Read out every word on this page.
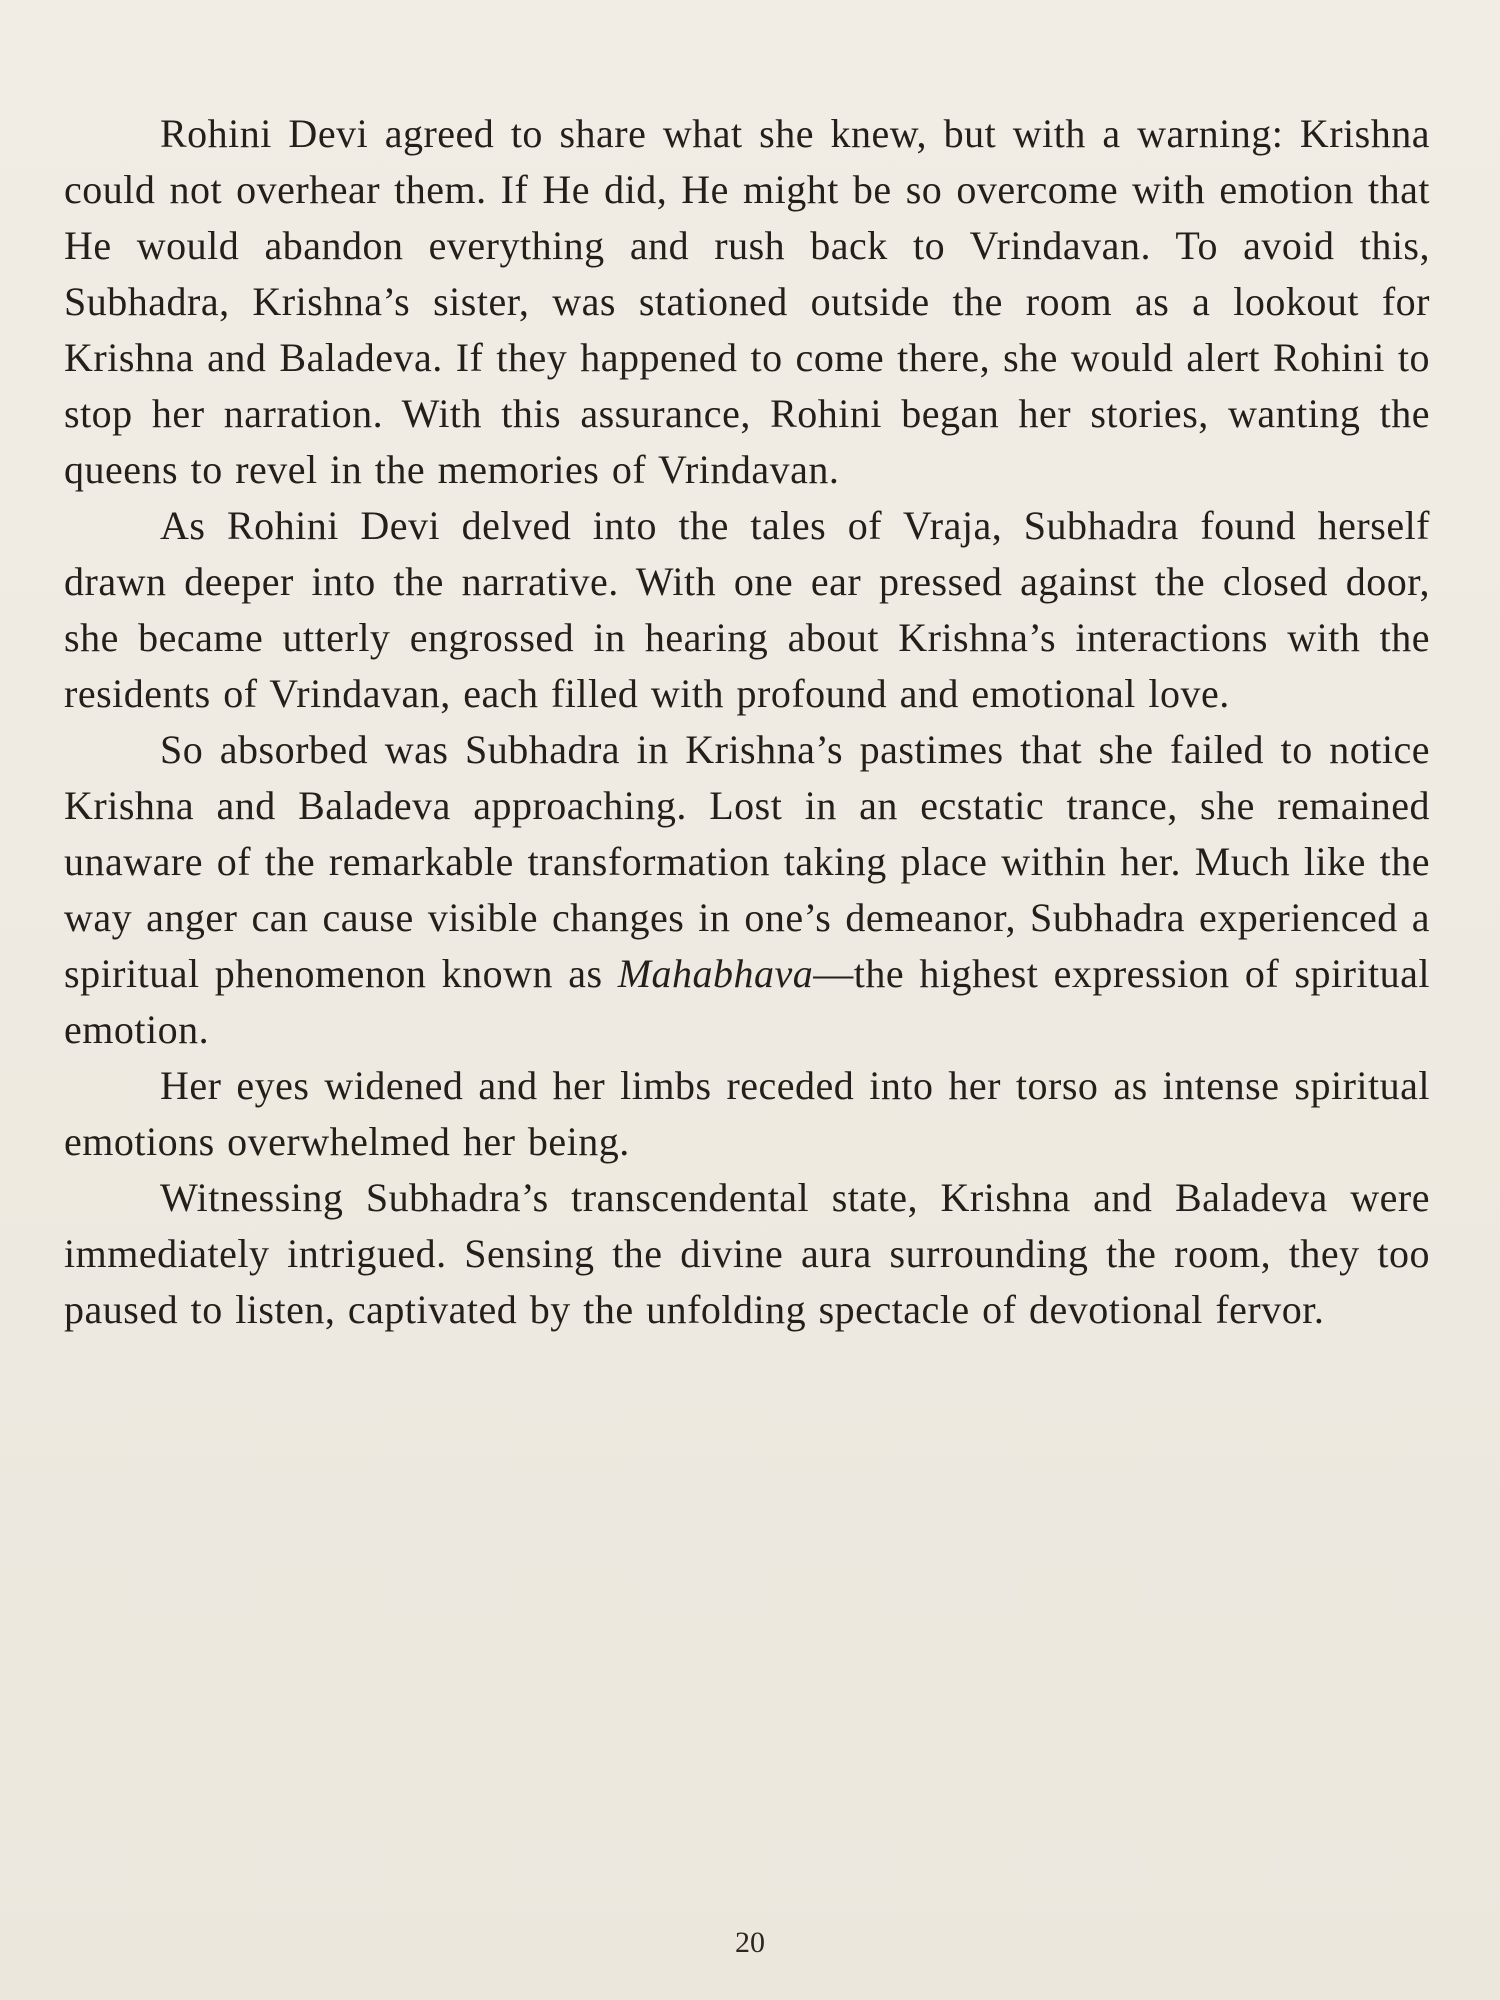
Rohini Devi agreed to share what she knew, but with a warning: Krishna could not overhear them. If He did, He might be so overcome with emotion that He would abandon everything and rush back to Vrindavan. To avoid this, Subhadra, Krishna’s sister, was stationed outside the room as a lookout for Krishna and Baladeva. If they happened to come there, she would alert Rohini to stop her narration. With this assurance, Rohini began her stories, wanting the queens to revel in the memories of Vrindavan.

As Rohini Devi delved into the tales of Vraja, Subhadra found herself drawn deeper into the narrative. With one ear pressed against the closed door, she became utterly engrossed in hearing about Krishna’s interactions with the residents of Vrindavan, each filled with profound and emotional love.

So absorbed was Subhadra in Krishna’s pastimes that she failed to notice Krishna and Baladeva approaching. Lost in an ecstatic trance, she remained unaware of the remarkable transformation taking place within her. Much like the way anger can cause visible changes in one’s demeanor, Subhadra experienced a spiritual phenomenon known as Mahabhava—the highest expression of spiritual emotion.

Her eyes widened and her limbs receded into her torso as intense spiritual emotions overwhelmed her being.

Witnessing Subhadra’s transcendental state, Krishna and Baladeva were immediately intrigued. Sensing the divine aura surrounding the room, they too paused to listen, captivated by the unfolding spectacle of devotional fervor.

20
